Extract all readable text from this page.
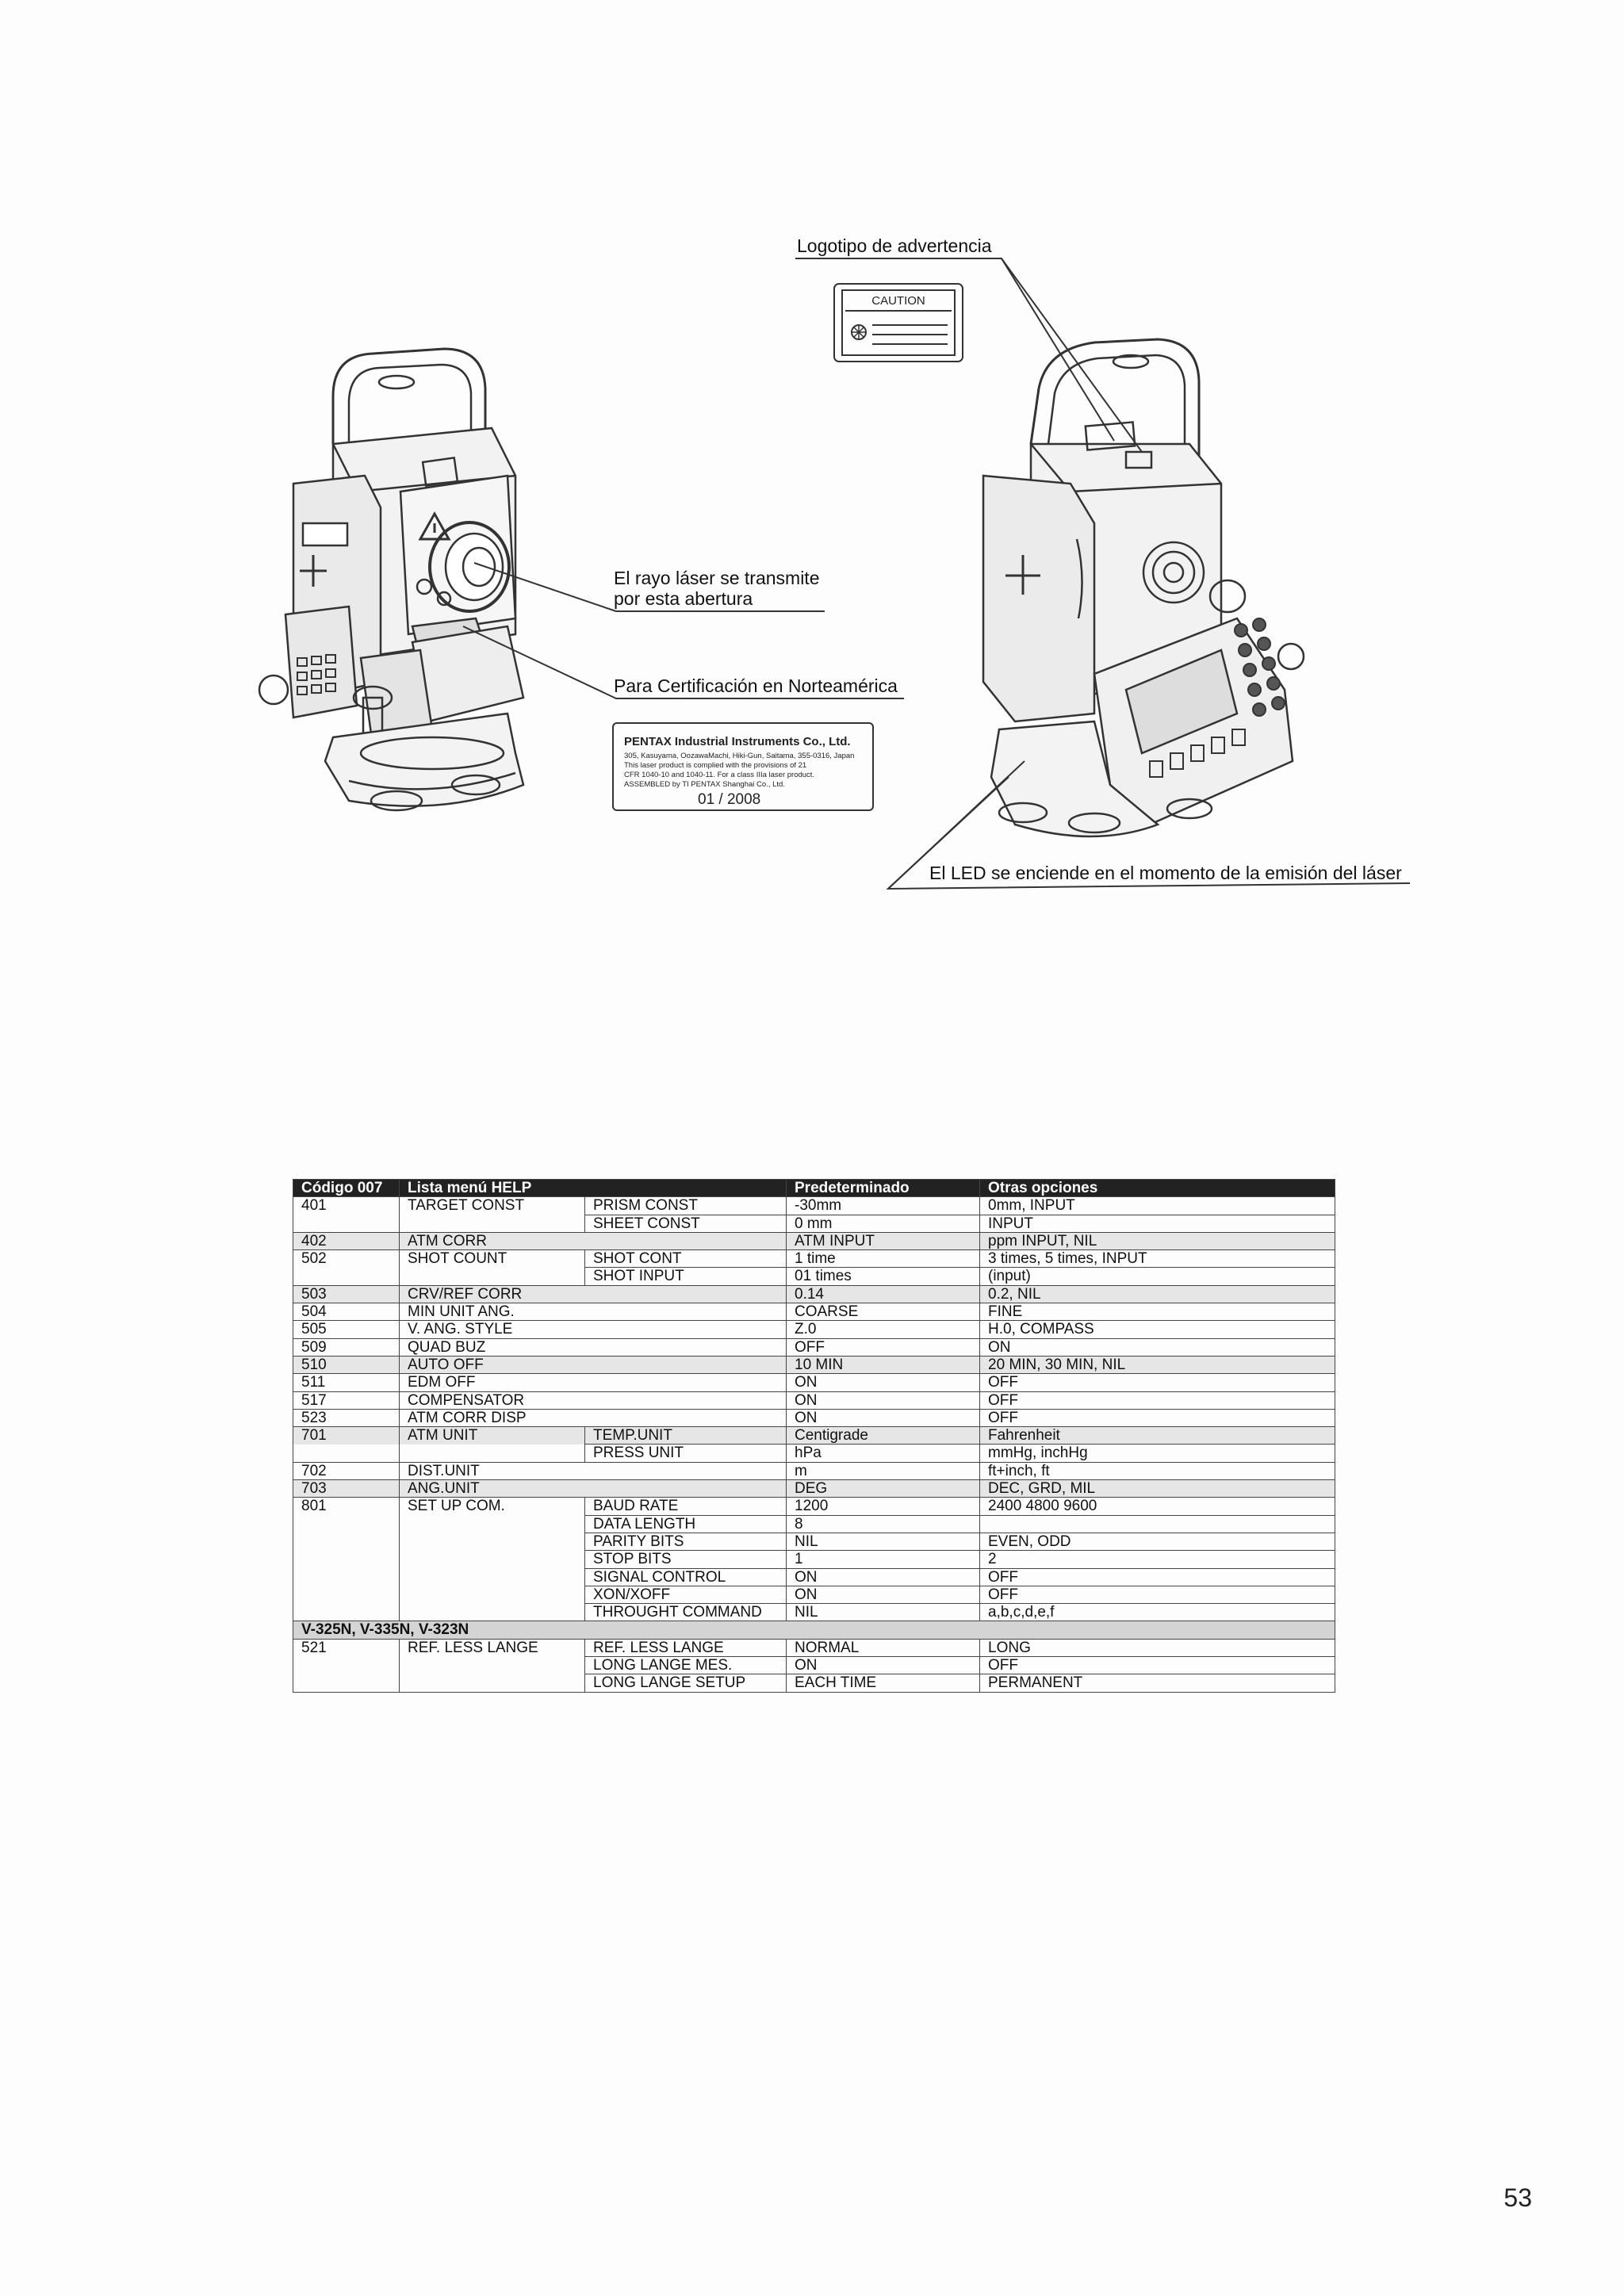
CAUTION
PENTAX Industrial Instruments Co., Ltd.
305, Kasuyama, OozawaMachi, Hiki-Gun, Saitama, 355-0316, Japan
This laser product is complied with the provisions of 21
CFR 1040-10 and 1040-11. For a class IIIa laser product.
ASSEMBLED by TI PENTAX Shanghai Co., Ltd.
01 / 2008
Logotipo de advertencia
El rayo láser se transmite
por esta abertura
Para Certificación en Norteamérica
El LED se enciende en el momento de la emisión del láser
Código 007	Lista menú HELP		Predeterminado	Otras opciones
401	TARGET CONST	PRISM CONST	-30mm	0mm, INPUT
		SHEET CONST	0 mm	INPUT
402	ATM CORR		ATM INPUT	ppm INPUT, NIL
502	SHOT COUNT	SHOT CONT	1 time	3 times, 5 times, INPUT
		SHOT INPUT	01 times	(input)
503	CRV/REF CORR		0.14	0.2, NIL
504	MIN UNIT ANG.		COARSE	FINE
505	V. ANG. STYLE		Z.0	H.0, COMPASS
509	QUAD BUZ		OFF	ON
510	AUTO OFF		10 MIN	20 MIN, 30 MIN, NIL
511	EDM OFF		ON	OFF
517	COMPENSATOR		ON	OFF
523	ATM CORR DISP		ON	OFF
701	ATM UNIT	TEMP.UNIT	Centigrade	Fahrenheit
		PRESS UNIT	hPa	mmHg, inchHg
702	DIST.UNIT		m	ft+inch, ft
703	ANG.UNIT		DEG	DEC, GRD, MIL
801	SET UP COM.	BAUD RATE	1200	2400 4800 9600
		DATA LENGTH	8	
		PARITY BITS	NIL	EVEN, ODD
		STOP BITS	1	2
		SIGNAL CONTROL	ON	OFF
		XON/XOFF	ON	OFF
		THROUGHT COMMAND	NIL	a,b,c,d,e,f
V-325N, V-335N, V-323N				
521	REF. LESS LANGE	REF. LESS LANGE	NORMAL	LONG
		LONG LANGE MES.	ON	OFF
		LONG LANGE SETUP	EACH TIME	PERMANENT
53
